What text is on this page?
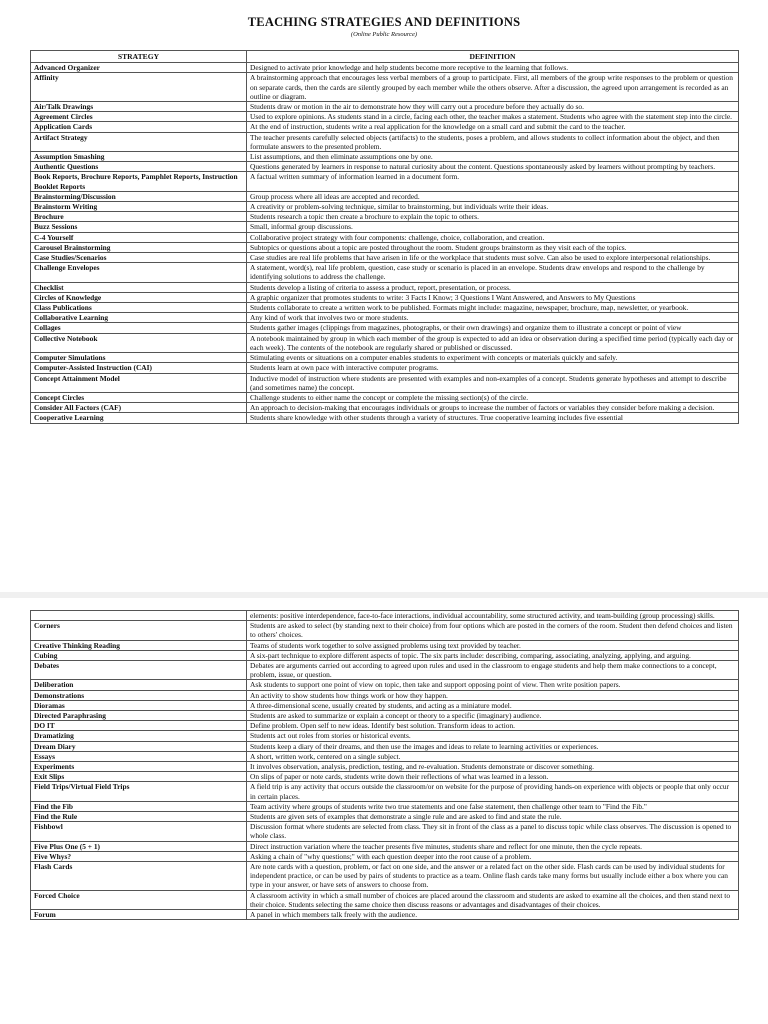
TEACHING STRATEGIES AND DEFINITIONS
(Online Public Resource)
STRATEGY	DEFINITION
Advanced Organizer	Designed to activate prior knowledge and help students become more receptive to the learning that follows.
Affinity	A brainstorming approach that encourages less verbal members of a group to participate. First, all members of the group write responses to the problem or question on separate cards, then the cards are silently grouped by each member while the others observe. After a discussion, the agreed upon arrangement is recorded as an outline or diagram.
Air/Talk Drawings	Students draw or motion in the air to demonstrate how they will carry out a procedure before they actually do so.
Agreement Circles	Used to explore opinions. As students stand in a circle, facing each other, the teacher makes a statement. Students who agree with the statement step into the circle.
Application Cards	At the end of instruction, students write a real application for the knowledge on a small card and submit the card to the teacher.
Artifact Strategy	The teacher presents carefully selected objects (artifacts) to the students, poses a problem, and allows students to collect information about the object, and then formulate answers to the presented problem.
Assumption Smashing	List assumptions, and then eliminate assumptions one by one.
Authentic Questions	Questions generated by learners in response to natural curiosity about the content. Questions spontaneously asked by learners without prompting by teachers.
Book Reports, Brochure Reports, Pamphlet Reports, Instruction Booklet Reports	A factual written summary of information learned in a document form.
Brainstorming/Discussion	Group process where all ideas are accepted and recorded.
Brainstorm Writing	A creativity or problem-solving technique, similar to brainstorming, but individuals write their ideas.
Brochure	Students research a topic then create a brochure to explain the topic to others.
Buzz Sessions	Small, informal group discussions.
C-4 Yourself	Collaborative project strategy with four components: challenge, choice, collaboration, and creation.
Carousel Brainstorming	Subtopics or questions about a topic are posted throughout the room. Student groups brainstorm as they visit each of the topics.
Case Studies/Scenarios	Case studies are real life problems that have arisen in life or the workplace that students must solve. Can also be used to explore interpersonal relationships.
Challenge Envelopes	A statement, word(s), real life problem, question, case study or scenario is placed in an envelope. Students draw envelops and respond to the challenge by identifying solutions to address the challenge.
Checklist	Students develop a listing of criteria to assess a product, report, presentation, or process.
Circles of Knowledge	A graphic organizer that promotes students to write: 3 Facts I Know; 3 Questions I Want Answered, and Answers to My Questions
Class Publications	Students collaborate to create a written work to be published. Formats might include: magazine, newspaper, brochure, map, newsletter, or yearbook.
Collaborative Learning	Any kind of work that involves two or more students.
Collages	Students gather images (clippings from magazines, photographs, or their own drawings) and organize them to illustrate a concept or point of view
Collective Notebook	A notebook maintained by group in which each member of the group is expected to add an idea or observation during a specified time period (typically each day or each week). The contents of the notebook are regularly shared or published or discussed.
Computer Simulations	Stimulating events or situations on a computer enables students to experiment with concepts or materials quickly and safely.
Computer-Assisted Instruction (CAI)	Students learn at own pace with interactive computer programs.
Concept Attainment Model	Inductive model of instruction where students are presented with examples and non-examples of a concept. Students generate hypotheses and attempt to describe (and sometimes name) the concept.
Concept Circles	Challenge students to either name the concept or complete the missing section(s) of the circle.
Consider All Factors (CAF)	An approach to decision-making that encourages individuals or groups to increase the number of factors or variables they consider before making a decision.
Cooperative Learning	Students share knowledge with other students through a variety of structures. True cooperative learning includes five essential
	elements: positive interdependence, face-to-face interactions, individual accountability, some structured activity, and team-building (group processing) skills.
Corners	Students are asked to select (by standing next to their choice) from four options which are posted in the corners of the room. Student then defend choices and listen to others' choices.
Creative Thinking Reading	Teams of students work together to solve assigned problems using text provided by teacher.
Cubing	A six-part technique to explore different aspects of topic. The six parts include: describing, comparing, associating, analyzing, applying, and arguing.
Debates	Debates are arguments carried out according to agreed upon rules and used in the classroom to engage students and help them make connections to a concept, problem, issue, or question.
Deliberation	Ask students to support one point of view on topic, then take and support opposing point of view. Then write position papers.
Demonstrations	An activity to show students how things work or how they happen.
Dioramas	A three-dimensional scene, usually created by students, and acting as a miniature model.
Directed Paraphrasing	Students are asked to summarize or explain a concept or theory to a specific (imaginary) audience.
DO IT	Define problem. Open self to new ideas. Identify best solution. Transform ideas to action.
Dramatizing	Students act out roles from stories or historical events.
Dream Diary	Students keep a diary of their dreams, and then use the images and ideas to relate to learning activities or experiences.
Essays	A short, written work, centered on a single subject.
Experiments	It involves observation, analysis, prediction, testing, and re-evaluation. Students demonstrate or discover something.
Exit Slips	On slips of paper or note cards, students write down their reflections of what was learned in a lesson.
Field Trips/Virtual Field Trips	A field trip is any activity that occurs outside the classroom/or on website for the purpose of providing hands-on experience with objects or people that only occur in certain places.
Find the Fib	Team activity where groups of students write two true statements and one false statement, then challenge other team to "Find the Fib."
Find the Rule	Students are given sets of examples that demonstrate a single rule and are asked to find and state the rule.
Fishbowl	Discussion format where students are selected from class. They sit in front of the class as a panel to discuss topic while class observes. The discussion is opened to whole class.
Five Plus One (5 + 1)	Direct instruction variation where the teacher presents five minutes, students share and reflect for one minute, then the cycle repeats.
Five Whys?	Asking a chain of "why questions;" with each question deeper into the root cause of a problem.
Flash Cards	Are note cards with a question, problem, or fact on one side, and the answer or a related fact on the other side. Flash cards can be used by individual students for independent practice, or can be used by pairs of students to practice as a team. Online flash cards take many forms but usually include either a box where you can type in your answer, or have sets of answers to choose from.
Forced Choice	A classroom activity in which a small number of choices are placed around the classroom and students are asked to examine all the choices, and then stand next to their choice. Students selecting the same choice then discuss reasons or advantages and disadvantages of their choices.
Forum	A panel in which members talk freely with the audience.
